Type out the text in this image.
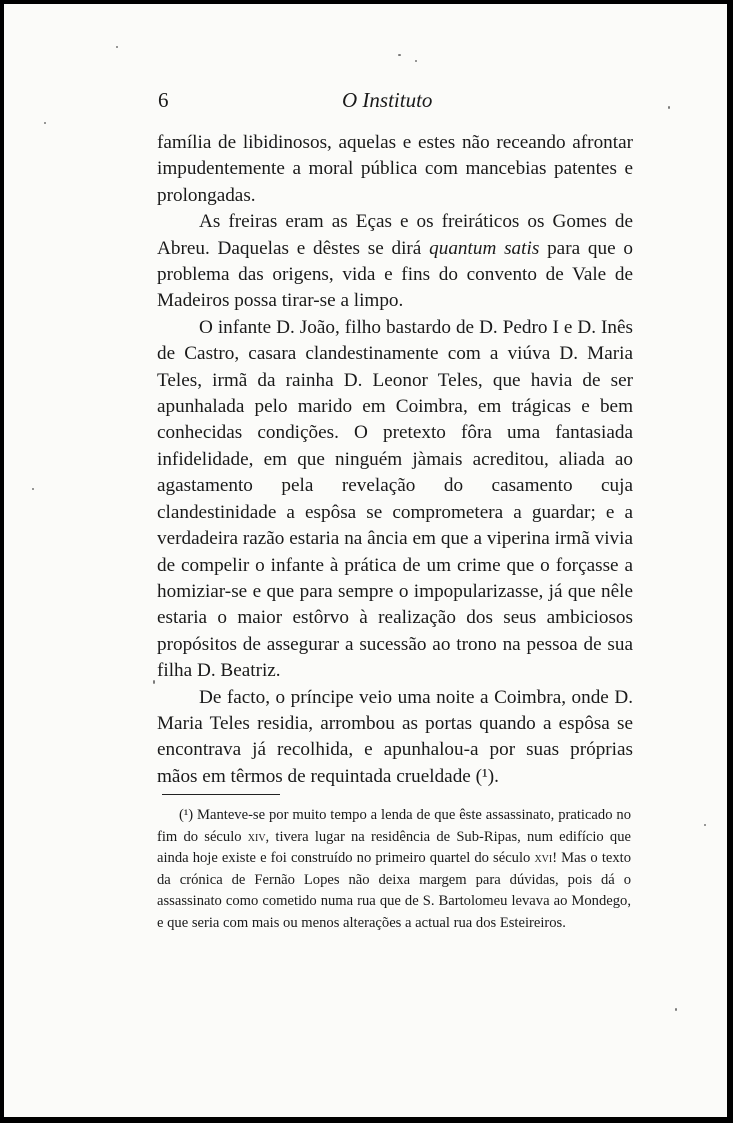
6	O Instituto

família de libidinosos, aquelas e estes não receando afrontar impudentemente a moral pública com mancebias patentes e prolongadas.

As freiras eram as Eças e os freiráticos os Gomes de Abreu. Daquelas e dêstes se dirá quantum satis para que o problema das origens, vida e fins do convento de Vale de Madeiros possa tirar-se a limpo.

O infante D. João, filho bastardo de D. Pedro I e D. Inês de Castro, casara clandestinamente com a viúva D. Maria Teles, irmã da rainha D. Leonor Teles, que havia de ser apunhalada pelo marido em Coimbra, em trágicas e bem conhecidas condições. O pretexto fôra uma fantasiada infidelidade, em que ninguém jàmais acreditou, aliada ao agastamento pela revelação do casamento cuja clandestinidade a espôsa se comprometera a guardar; e a verdadeira razão estaria na ância em que a viperina irmã vivia de compelir o infante à prática de um crime que o forçasse a homiziar-se e que para sempre o impopularizasse, já que nêle estaria o maior estôrvo à realização dos seus ambiciosos propósitos de assegurar a sucessão ao trono na pessoa de sua filha D. Beatriz.

De facto, o príncipe veio uma noite a Coimbra, onde D. Maria Teles residia, arrombou as portas quando a espôsa se encontrava já recolhida, e apunhalou-a por suas próprias mãos em têrmos de requintada crueldade (¹).

(¹) Manteve-se por muito tempo a lenda de que êste assassinato, praticado no fim do século xiv, tivera lugar na residência de Sub-Ripas, num edifício que ainda hoje existe e foi construído no primeiro quartel do século xvi! Mas o texto da crónica de Fernão Lopes não deixa margem para dúvidas, pois dá o assassinato como cometido numa rua que de S. Bartolomeu levava ao Mondego, e que seria com mais ou menos alterações a actual rua dos Esteireiros.
